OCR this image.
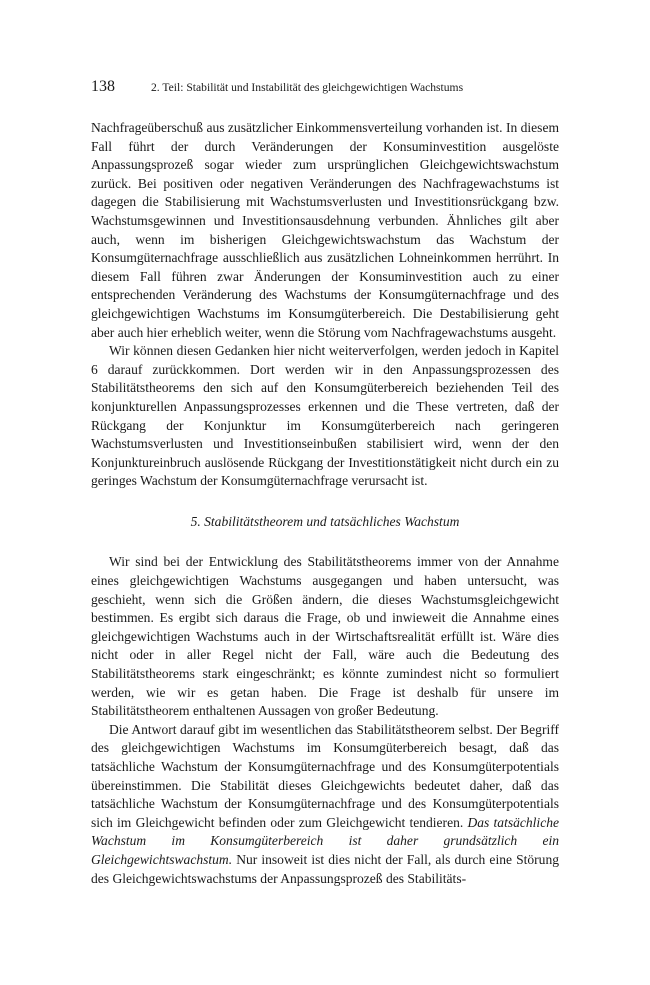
138	2. Teil: Stabilität und Instabilität des gleichgewichtigen Wachstums

Nachfrageüberschuß aus zusätzlicher Einkommensverteilung vorhanden ist. In diesem Fall führt der durch Veränderungen der Konsuminvestition ausgelöste Anpassungsprozeß sogar wieder zum ursprünglichen Gleichgewichtswachstum zurück. Bei positiven oder negativen Veränderungen des Nachfragewachstums ist dagegen die Stabilisierung mit Wachstumsverlusten und Investitionsrückgang bzw. Wachstumsgewinnen und Investitionsausdehnung verbunden. Ähnliches gilt aber auch, wenn im bisherigen Gleichgewichtswachstum das Wachstum der Konsumgüternachfrage ausschließlich aus zusätzlichen Lohneinkommen herrührt. In diesem Fall führen zwar Änderungen der Konsuminvestition auch zu einer entsprechenden Veränderung des Wachstums der Konsumgüternachfrage und des gleichgewichtigen Wachstums im Konsumgüterbereich. Die Destabilisierung geht aber auch hier erheblich weiter, wenn die Störung vom Nachfragewachstums ausgeht.

Wir können diesen Gedanken hier nicht weiterverfolgen, werden jedoch in Kapitel 6 darauf zurückkommen. Dort werden wir in den Anpassungsprozessen des Stabilitätstheorems den sich auf den Konsumgüterbereich beziehenden Teil des konjunkturellen Anpassungsprozesses erkennen und die These vertreten, daß der Rückgang der Konjunktur im Konsumgüterbereich nach geringeren Wachstumsverlusten und Investitionseinbußen stabilisiert wird, wenn der den Konjunktureinbruch auslösende Rückgang der Investitionstätigkeit nicht durch ein zu geringes Wachstum der Konsumgüternachfrage verursacht ist.

5. Stabilitätstheorem und tatsächliches Wachstum

Wir sind bei der Entwicklung des Stabilitätstheorems immer von der Annahme eines gleichgewichtigen Wachstums ausgegangen und haben untersucht, was geschieht, wenn sich die Größen ändern, die dieses Wachstumsgleichgewicht bestimmen. Es ergibt sich daraus die Frage, ob und inwieweit die Annahme eines gleichgewichtigen Wachstums auch in der Wirtschaftsrealität erfüllt ist. Wäre dies nicht oder in aller Regel nicht der Fall, wäre auch die Bedeutung des Stabilitätstheorems stark eingeschränkt; es könnte zumindest nicht so formuliert werden, wie wir es getan haben. Die Frage ist deshalb für unsere im Stabilitätstheorem enthaltenen Aussagen von großer Bedeutung.

Die Antwort darauf gibt im wesentlichen das Stabilitätstheorem selbst. Der Begriff des gleichgewichtigen Wachstums im Konsumgüterbereich besagt, daß das tatsächliche Wachstum der Konsumgüternachfrage und des Konsumgüterpotentials übereinstimmen. Die Stabilität dieses Gleichgewichts bedeutet daher, daß das tatsächliche Wachstum der Konsumgüternachfrage und des Konsumgüterpotentials sich im Gleichgewicht befinden oder zum Gleichgewicht tendieren. Das tatsächliche Wachstum im Konsumgüterbereich ist daher grundsätzlich ein Gleichgewichtswachstum. Nur insoweit ist dies nicht der Fall, als durch eine Störung des Gleichgewichtswachstums der Anpassungsprozeß des Stabilitäts-
